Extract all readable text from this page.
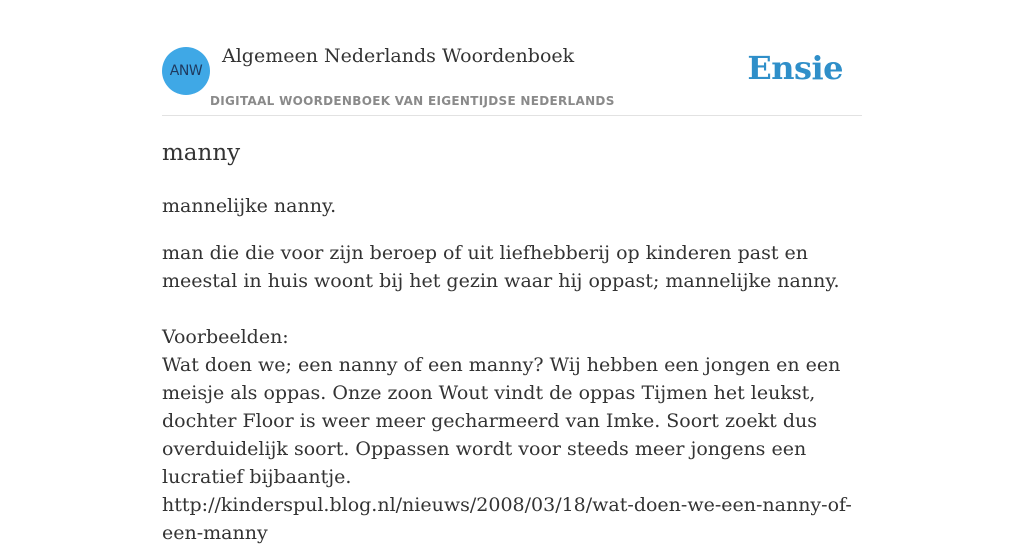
ANW
Algemeen Nederlands Woordenboek
DIGITAAL WOORDENBOEK VAN EIGENTIJDSE NEDERLANDS
Ensie
manny

mannelijke nanny.

man die die voor zijn beroep of uit liefhebberij op kinderen past en meestal in huis woont bij het gezin waar hij oppast; mannelijke nanny.

Voorbeelden:
Wat doen we; een nanny of een manny? Wij hebben een jongen en een meisje als oppas. Onze zoon Wout vindt de oppas Tijmen het leukst, dochter Floor is weer meer gecharmeerd van Imke. Soort zoekt dus overduidelijk soort. Oppassen wordt voor steeds meer jongens een lucratief bijbaantje.
http://kinderspul.blog.nl/nieuws/2008/03/18/wat-doen-we-een-nanny-of-een-manny
